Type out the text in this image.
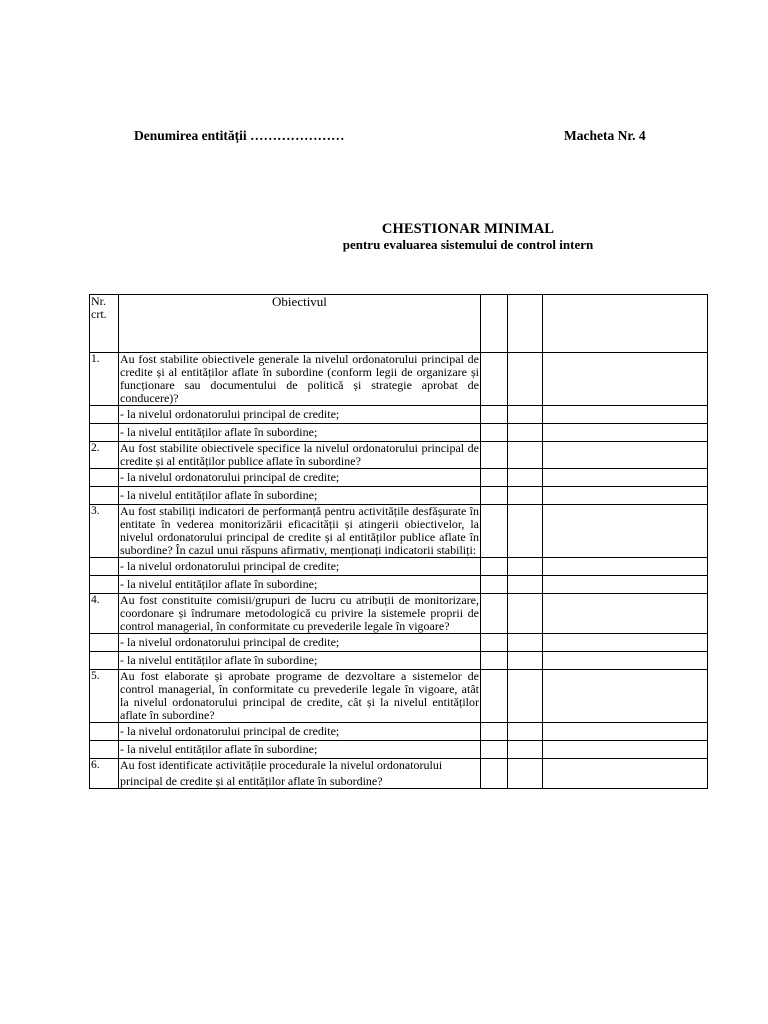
Denumirea entității …………………	Macheta Nr. 4
CHESTIONAR MINIMAL
pentru evaluarea sistemului de control intern
Nr. crt.	Obiectivul			
1.	Au fost stabilite obiectivele generale la nivelul ordonatorului principal de credite și al entităților aflate în subordine (conform legii de organizare și funcționare sau documentului de politică și strategie aprobat de conducere)?			
	- la nivelul ordonatorului principal de credite;			
	- la nivelul entităților aflate în subordine;			
2.	Au fost stabilite obiectivele specifice la nivelul ordonatorului principal de credite și al entităților publice aflate în subordine?			
	- la nivelul ordonatorului principal de credite;			
	- la nivelul entităților aflate în subordine;			
3.	Au fost stabiliți indicatori de performanță pentru activitățile desfășurate în entitate în vederea monitorizării eficacității și atingerii obiectivelor, la nivelul ordonatorului principal de credite și al entităților publice aflate în subordine? În cazul unui răspuns afirmativ, menționați indicatorii stabiliți:			
	- la nivelul ordonatorului principal de credite;			
	- la nivelul entităților aflate în subordine;			
4.	Au fost constituite comisii/grupuri de lucru cu atribuții de monitorizare, coordonare și îndrumare metodologică cu privire la sistemele proprii de control managerial, în conformitate cu prevederile legale în vigoare?			
	- la nivelul ordonatorului principal de credite;			
	- la nivelul entităților aflate în subordine;			
5.	Au fost elaborate și aprobate programe de dezvoltare a sistemelor de control managerial, în conformitate cu prevederile legale în vigoare, atât la nivelul ordonatorului principal de credite, cât și la nivelul entităților aflate în subordine?			
	- la nivelul ordonatorului principal de credite;			
	- la nivelul entităților aflate în subordine;			
6.	Au fost identificate activitățile procedurale la nivelul ordonatorului
principal de credite și al entităților aflate în subordine?			
